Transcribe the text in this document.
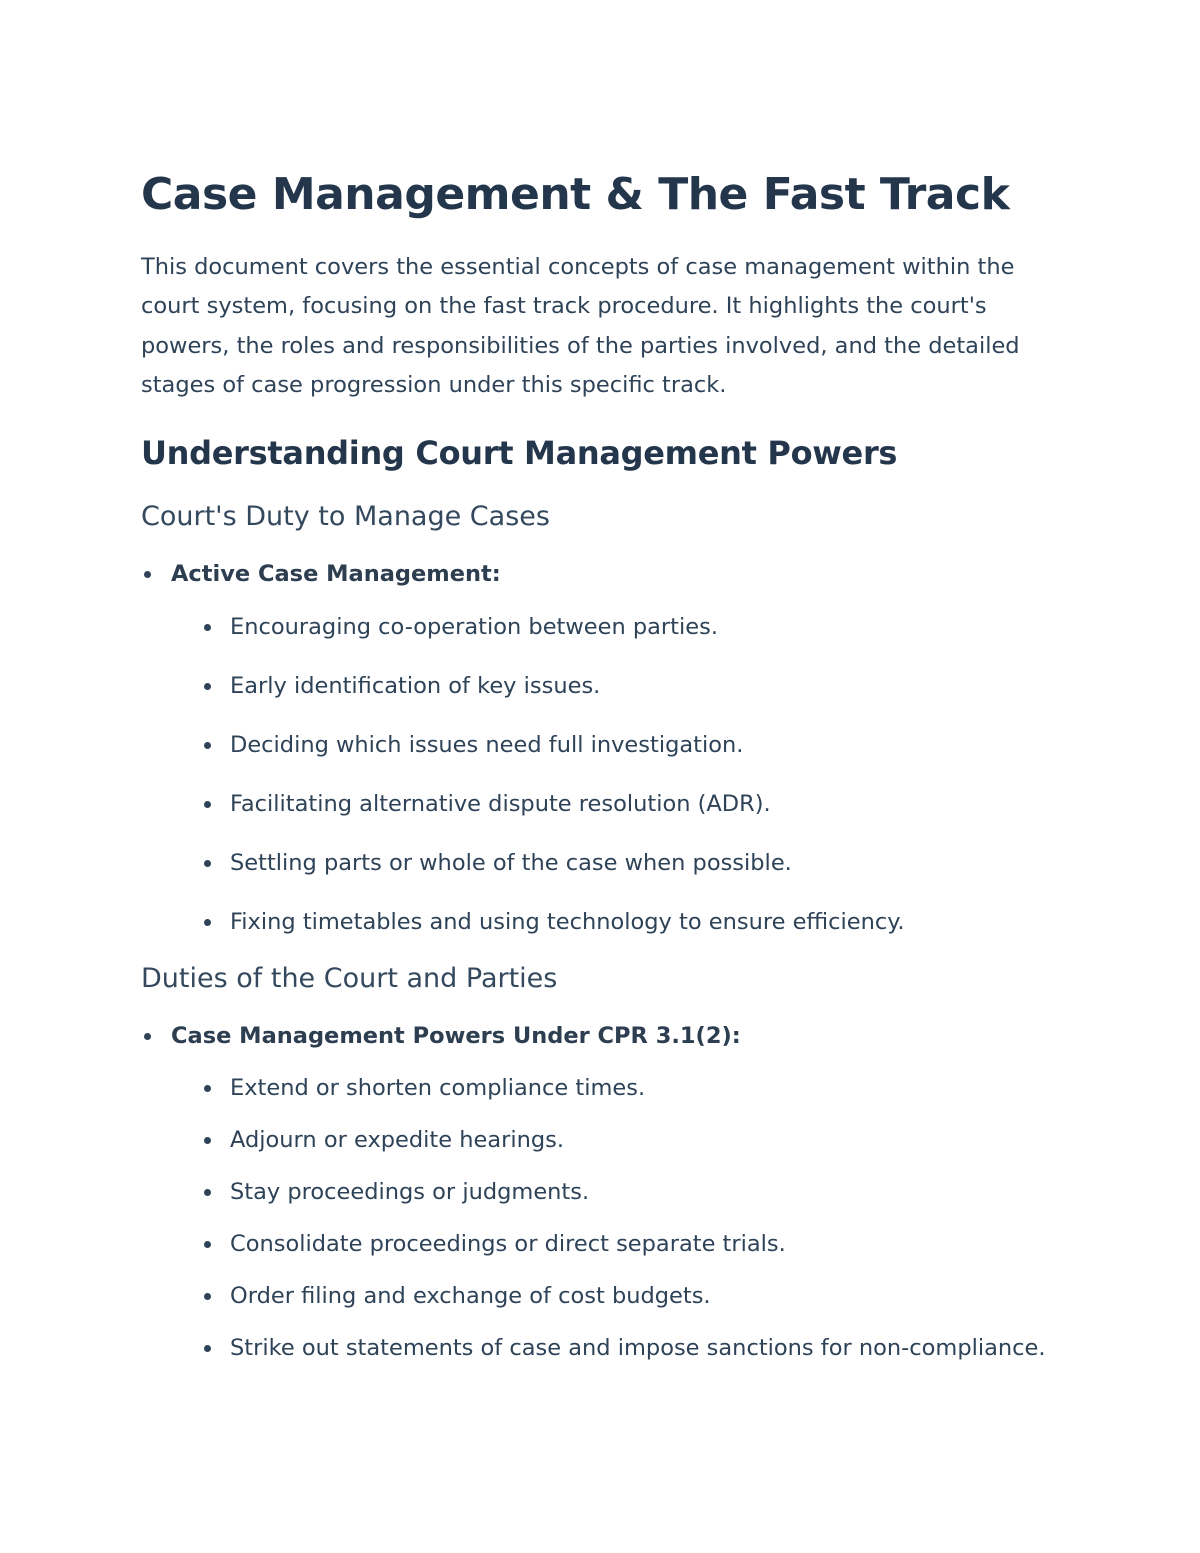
Case Management & The Fast Track

This document covers the essential concepts of case management within the court system, focusing on the fast track procedure. It highlights the court's powers, the roles and responsibilities of the parties involved, and the detailed stages of case progression under this specific track.

Understanding Court Management Powers
Court's Duty to Manage Cases
Active Case Management:
Encouraging co-operation between parties.
Early identification of key issues.
Deciding which issues need full investigation.
Facilitating alternative dispute resolution (ADR).
Settling parts or whole of the case when possible.
Fixing timetables and using technology to ensure efficiency.
Duties of the Court and Parties
Case Management Powers Under CPR 3.1(2):
Extend or shorten compliance times.
Adjourn or expedite hearings.
Stay proceedings or judgments.
Consolidate proceedings or direct separate trials.
Order filing and exchange of cost budgets.
Strike out statements of case and impose sanctions for non-compliance.
